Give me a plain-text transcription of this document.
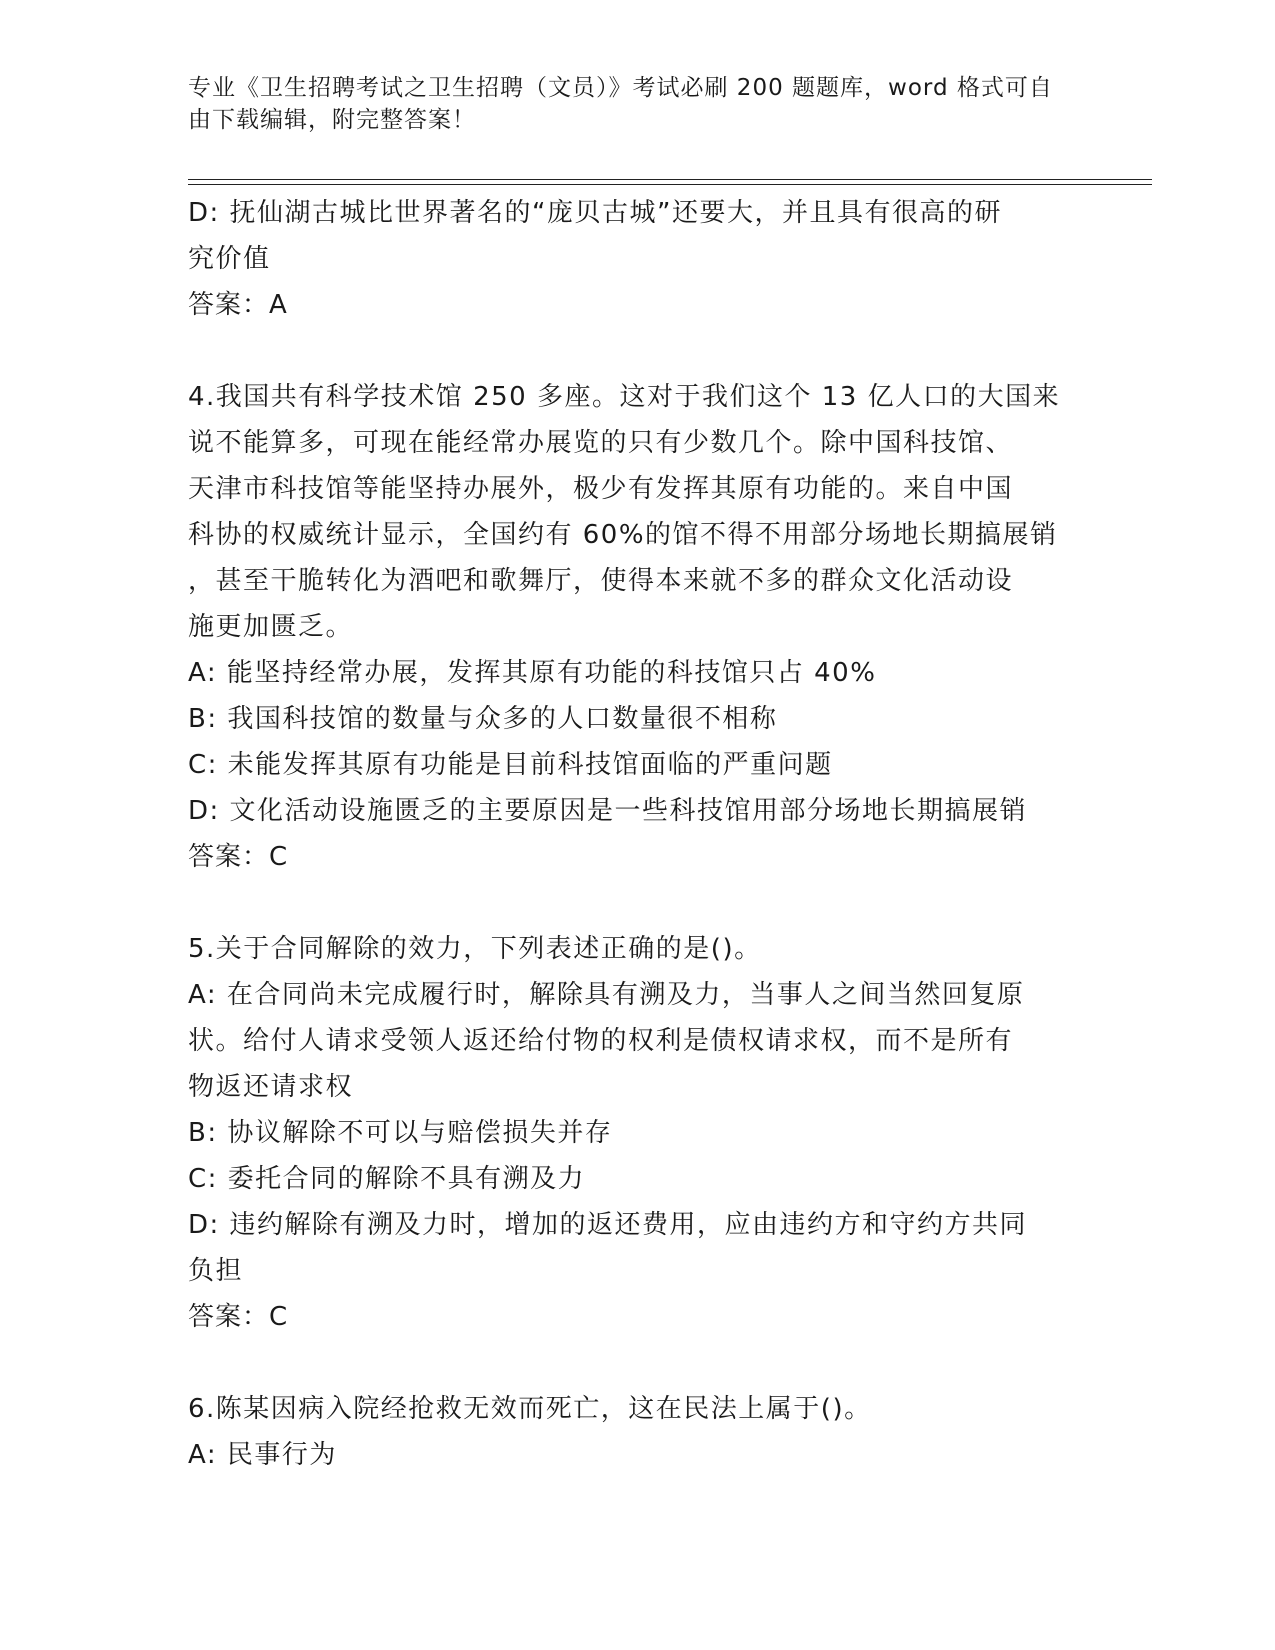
专业《卫生招聘考试之卫生招聘（文员）》考试必刷 200 题题库，word 格式可自
由下载编辑，附完整答案！
D: 抚仙湖古城比世界著名的“庞贝古城”还要大，并且具有很高的研
究价值
答案：A
4.我国共有科学技术馆 250 多座。这对于我们这个 13 亿人口的大国来
说不能算多，可现在能经常办展览的只有少数几个。除中国科技馆、
天津市科技馆等能坚持办展外，极少有发挥其原有功能的。来自中国
科协的权威统计显示，全国约有 60%的馆不得不用部分场地长期搞展销
，甚至干脆转化为酒吧和歌舞厅，使得本来就不多的群众文化活动设
施更加匮乏。
A: 能坚持经常办展，发挥其原有功能的科技馆只占 40%
B: 我国科技馆的数量与众多的人口数量很不相称
C: 未能发挥其原有功能是目前科技馆面临的严重问题
D: 文化活动设施匮乏的主要原因是一些科技馆用部分场地长期搞展销
答案：C
5.关于合同解除的效力，下列表述正确的是()。
A: 在合同尚未完成履行时，解除具有溯及力，当事人之间当然回复原
状。给付人请求受领人返还给付物的权利是债权请求权，而不是所有
物返还请求权
B: 协议解除不可以与赔偿损失并存
C: 委托合同的解除不具有溯及力
D: 违约解除有溯及力时，增加的返还费用，应由违约方和守约方共同
负担
答案：C
6.陈某因病入院经抢救无效而死亡，这在民法上属于()。
A: 民事行为
